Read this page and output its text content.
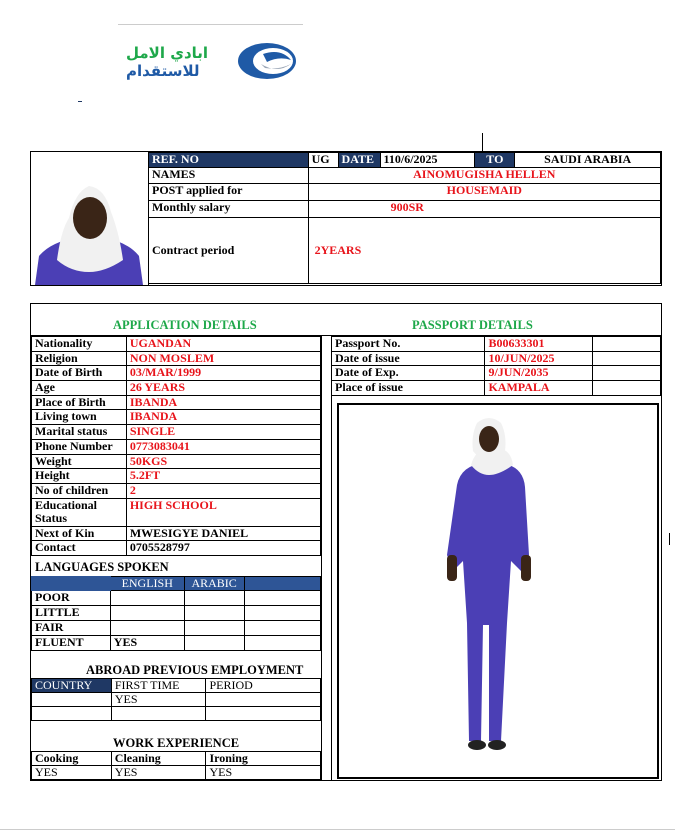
ابادي الامل
للاستقدام
REF. NO	UG	DATE	110/6/2025	TO	SAUDI ARABIA
NAMES	AINOMUGISHA HELLEN				
POST applied for	HOUSEMAID				
Monthly salary	900SR				
Contract period	2YEARS				
APPLICATION DETAILS	PASSPORT DETAILS
Nationality	UGANDAN
Religion	NON MOSLEM
Date of Birth	03/MAR/1999
Age	26 YEARS
Place of Birth	IBANDA
Living town	IBANDA
Marital status	SINGLE
Phone Number	0773083041
Weight	50KGS
Height	5.2FT
No of children	2
Educational Status	HIGH SCHOOL
Next of Kin	MWESIGYE DANIEL
Contact	0705528797
LANGUAGES SPOKEN
	ENGLISH	ARABIC	
POOR			
LITTLE			
FAIR			
FLUENT	YES		
ABROAD PREVIOUS EMPLOYMENT
COUNTRY	FIRST TIME	PERIOD
	YES	

WORK EXPERIENCE
Cooking	Cleaning	Ironing
YES	YES	YES
Passport No.	B00633301	
Date of issue	10/JUN/2025	
Date of Exp.	9/JUN/2035	
Place of issue	KAMPALA	
